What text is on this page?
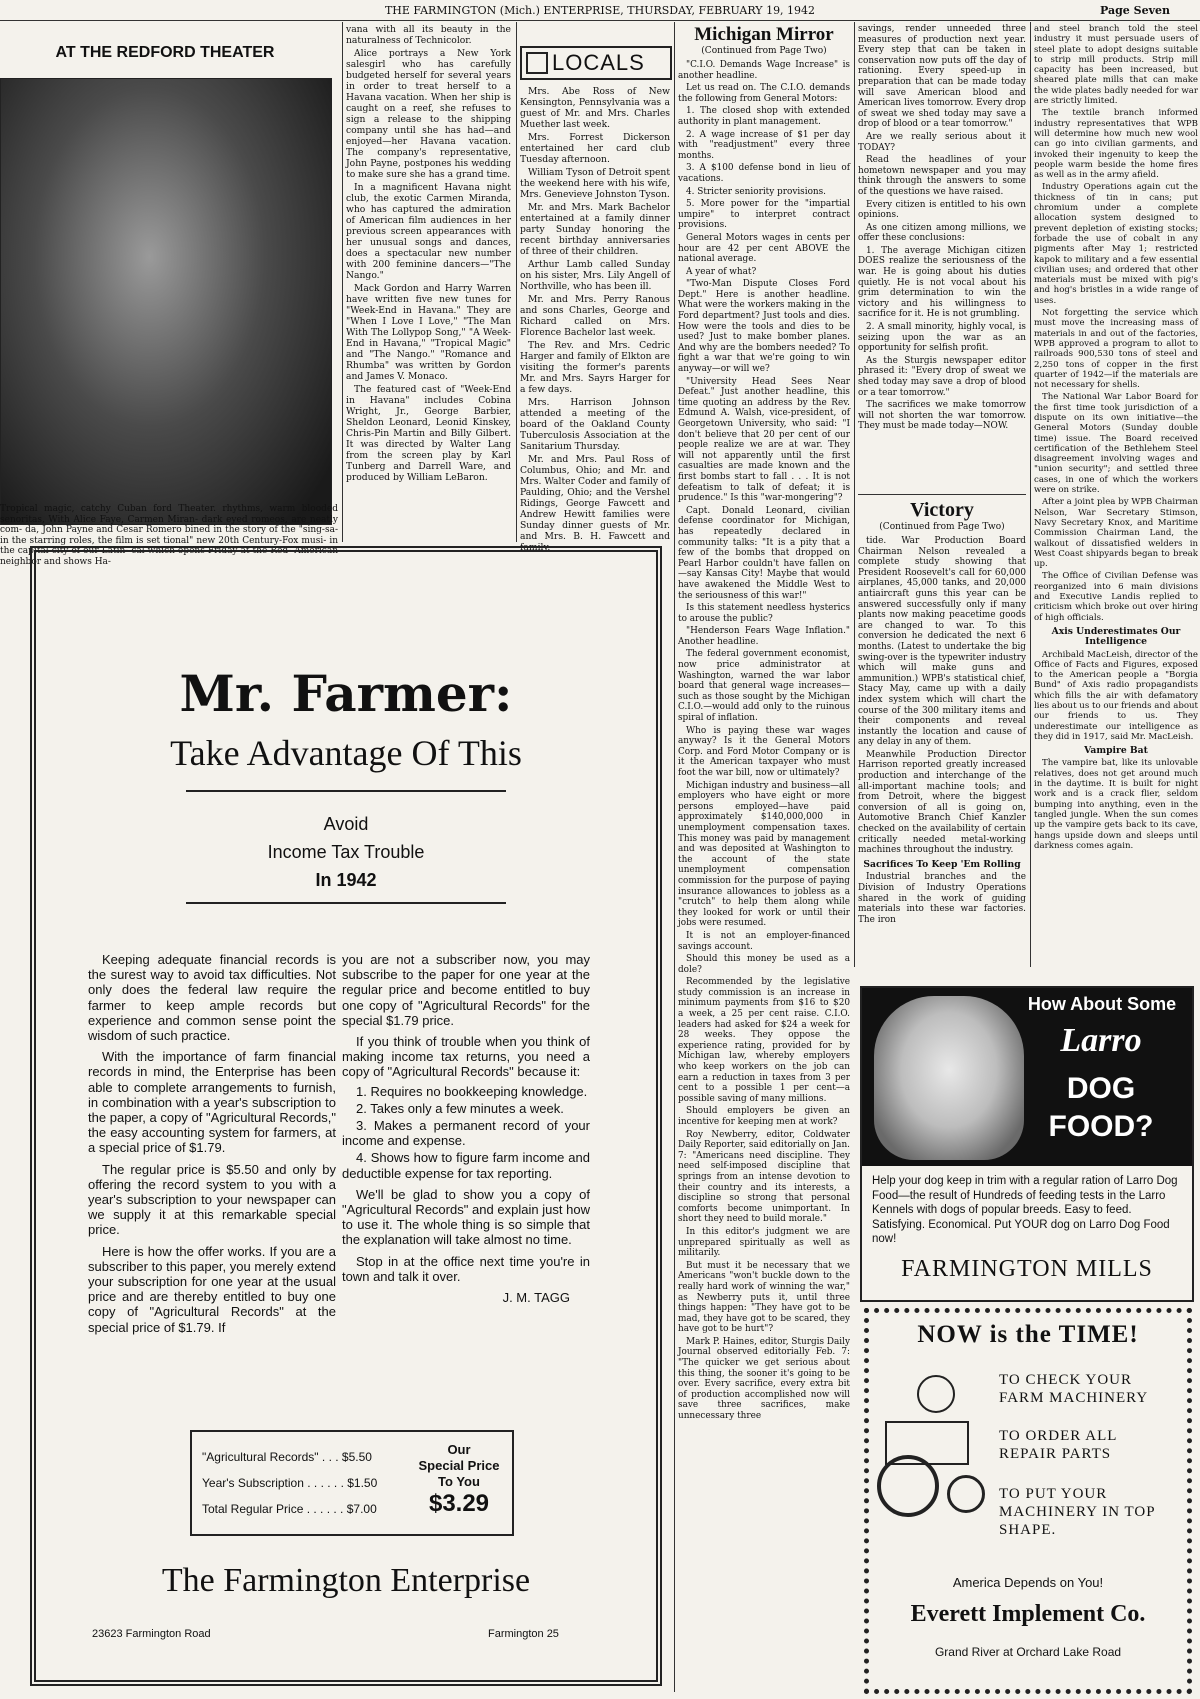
THE FARMINGTON (Mich.) ENTERPRISE, THURSDAY, FEBRUARY 19, 1942	Page Seven
AT THE REDFORD THEATER
Tropical magic, catchy Cuban ford Theater. rhythms, warm blooded senoritas, With Alice Faye, Carmen Miran- dark eyed romeos, are neatly com- da, John Payne and Cesar Romero bined in the story of the "sing-sa- in the starring roles, the film is set tional" new 20th Century-Fox musi- in the capital city of our Latin- cal which opens Friday at the Red- American neighbor and shows Ha-

vana with all its beauty in the naturalness of Technicolor.

Alice portrays a New York salesgirl who has carefully budgeted herself for several years in order to treat herself to a Havana vacation. When her ship is caught on a reef, she refuses to sign a release to the shipping company until she has had—and enjoyed—her Havana vacation. The company's representative, John Payne, postpones his wedding to make sure she has a grand time.

In a magnificent Havana night club, the exotic Carmen Miranda, who has captured the admiration of American film audiences in her previous screen appearances with her unusual songs and dances, does a spectacular new number with 200 feminine dancers—"The Nango."

Mack Gordon and Harry Warren have written five new tunes for "Week-End in Havana." They are "When I Love I Love," "The Man With The Lollypop Song," "A Week-End in Havana," "Tropical Magic" and "The Nango." "Romance and Rhumba" was written by Gordon and James V. Monaco.

The featured cast of "Week-End in Havana" includes Cobina Wright, Jr., George Barbier, Sheldon Leonard, Leonid Kinskey, Chris-Pin Martin and Billy Gilbert. It was directed by Walter Lang from the screen play by Karl Tunberg and Darrell Ware, and produced by William LeBaron.

LOCALS

Mrs. Abe Ross of New Kensington, Pennsylvania was a guest of Mr. and Mrs. Charles Muether last week.

Mrs. Forrest Dickerson entertained her card club Tuesday afternoon.

William Tyson of Detroit spent the weekend here with his wife, Mrs. Genevieve Johnston Tyson.

Mr. and Mrs. Mark Bachelor entertained at a family dinner party Sunday honoring the recent birthday anniversaries of three of their children.

Arthur Lamb called Sunday on his sister, Mrs. Lily Angell of Northville, who has been ill.

Mr. and Mrs. Perry Ranous and sons Charles, George and Richard called on Mrs. Florence Bachelor last week.

The Rev. and Mrs. Cedric Harger and family of Elkton are visiting the former's parents Mr. and Mrs. Sayrs Harger for a few days.

Mrs. Harrison Johnson attended a meeting of the board of the Oakland County Tuberculosis Association at the Sanitarium Thursday.

Mr. and Mrs. Paul Ross of Columbus, Ohio; and Mr. and Mrs. Walter Coder and family of Paulding, Ohio; and the Vershel Ridings, George Fawcett and Andrew Hewitt families were Sunday dinner guests of Mr. and Mrs. B. H. Fawcett and family.

Michigan Mirror
(Continued from Page Two)

"C.I.O. Demands Wage Increase" is another headline.

Let us read on. The C.I.O. demands the following from General Motors:

1. The closed shop with extended authority in plant management.

2. A wage increase of $1 per day with "readjustment" every three months.

3. A $100 defense bond in lieu of vacations.

4. Stricter seniority provisions.

5. More power for the "impartial umpire" to interpret contract provisions.

General Motors wages in cents per hour are 42 per cent ABOVE the national average.

A year of what?

"Two-Man Dispute Closes Ford Dept." Here is another headline. What were the workers making in the Ford department? Just tools and dies. How were the tools and dies to be used? Just to make bomber planes. And why are the bombers needed? To fight a war that we're going to win anyway—or will we?

"University Head Sees Near Defeat." Just another headline, this time quoting an address by the Rev. Edmund A. Walsh, vice-president, of Georgetown University, who said: "I don't believe that 20 per cent of our people realize we are at war. They will not apparently until the first casualties are made known and the first bombs start to fall . . . It is not defeatism to talk of defeat; it is prudence." Is this "war-mongering"?

Capt. Donald Leonard, civilian defense coordinator for Michigan, has repeatedly declared in community talks: "It is a pity that a few of the bombs that dropped on Pearl Harbor couldn't have fallen on—say Kansas City! Maybe that would have awakened the Middle West to the seriousness of this war!"

Is this statement needless hysterics to arouse the public?

"Henderson Fears Wage Inflation." Another headline.

The federal government economist, now price administrator at Washington, warned the war labor board that general wage increases—such as those sought by the Michigan C.I.O.—would add only to the ruinous spiral of inflation.

Who is paying these war wages anyway? Is it the General Motors Corp. and Ford Motor Company or is it the American taxpayer who must foot the war bill, now or ultimately?

Michigan industry and business—all employers who have eight or more persons employed—have paid approximately $140,000,000 in unemployment compensation taxes. This money was paid by management and was deposited at Washington to the account of the state unemployment compensation commission for the purpose of paying insurance allowances to jobless as a "crutch" to help them along while they looked for work or until their jobs were resumed.

It is not an employer-financed savings account.

Should this money be used as a dole?

Recommended by the legislative study commission is an increase in minimum payments from $16 to $20 a week, a 25 per cent raise. C.I.O. leaders had asked for $24 a week for 28 weeks. They oppose the experience rating, provided for by Michigan law, whereby employers who keep workers on the job can earn a reduction in taxes from 3 per cent to a possible 1 per cent—a possible saving of many millions.

Should employers be given an incentive for keeping men at work?

Roy Newberry, editor, Coldwater Daily Reporter, said editorially on Jan. 7: "Americans need discipline. They need self-imposed discipline that springs from an intense devotion to their country and its interests, a discipline so strong that personal comforts become unimportant. In short they need to build morale."

In this editor's judgment we are unprepared spiritually as well as militarily.

But must it be necessary that we Americans "won't buckle down to the really hard work of winning the war," as Newberry puts it, until three things happen: "They have got to be mad, they have got to be scared, they have got to be hurt"?

Mark P. Haines, editor, Sturgis Daily Journal observed editorially Feb. 7: "The quicker we get serious about this thing, the sooner it's going to be over. Every sacrifice, every extra bit of production accomplished now will save three sacrifices, make unnecessary three

savings, render unneeded three measures of production next year. Every step that can be taken in conservation now puts off the day of rationing. Every speed-up in preparation that can be made today will save American blood and American lives tomorrow. Every drop of sweat we shed today may save a drop of blood or a tear tomorrow."

Are we really serious about it TODAY?

Read the headlines of your hometown newspaper and you may think through the answers to some of the questions we have raised.

Every citizen is entitled to his own opinions.

As one citizen among millions, we offer these conclusions:

1. The average Michigan citizen DOES realize the seriousness of the war. He is going about his duties quietly. He is not vocal about his grim determination to win the victory and his willingness to sacrifice for it. He is not grumbling.

2. A small minority, highly vocal, is seizing upon the war as an opportunity for selfish profit.

As the Sturgis newspaper editor phrased it: "Every drop of sweat we shed today may save a drop of blood or a tear tomorrow."

The sacrifices we make tomorrow will not shorten the war tomorrow. They must be made today—NOW.

Victory
(Continued from Page Two)

tide. War Production Board Chairman Nelson revealed a complete study showing that President Roosevelt's call for 60,000 airplanes, 45,000 tanks, and 20,000 antiaircraft guns this year can be answered successfully only if many plants now making peacetime goods are changed to war. To this conversion he dedicated the next 6 months. (Latest to undertake the big swing-over is the typewriter industry which will make guns and ammunition.) WPB's statistical chief, Stacy May, came up with a daily index system which will chart the course of the 300 military items and their components and reveal instantly the location and cause of any delay in any of them.

Meanwhile Production Director Harrison reported greatly increased production and interchange of the all-important machine tools; and from Detroit, where the biggest conversion of all is going on, Automotive Branch Chief Kanzler checked on the availability of certain critically needed metal-working machines throughout the industry.

Sacrifices To Keep 'Em Rolling

Industrial branches and the Division of Industry Operations shared in the work of guiding materials into these war factories. The iron

and steel branch told the steel industry it must persuade users of steel plate to adopt designs suitable to strip mill products. Strip mill capacity has been increased, but sheared plate mills that can make the wide plates badly needed for war are strictly limited.

The textile branch informed industry representatives that WPB will determine how much new wool can go into civilian garments, and invoked their ingenuity to keep the people warm beside the home fires as well as in the army afield.

Industry Operations again cut the thickness of tin in cans; put chromium under a complete allocation system designed to prevent depletion of existing stocks; forbade the use of cobalt in any pigments after May 1; restricted kapok to military and a few essential civilian uses; and ordered that other materials must be mixed with pig's and hog's bristles in a wide range of uses.

Not forgetting the service which must move the increasing mass of materials in and out of the factories, WPB approved a program to allot to railroads 900,530 tons of steel and 2,250 tons of copper in the first quarter of 1942—if the materials are not necessary for shells.

The National War Labor Board for the first time took jurisdiction of a dispute on its own initiative—the General Motors (Sunday double time) issue. The Board received certification of the Bethlehem Steel disagreement involving wages and "union security"; and settled three cases, in one of which the workers were on strike.

After a joint plea by WPB Chairman Nelson, War Secretary Stimson, Navy Secretary Knox, and Maritime Commission Chairman Land, the walkout of dissatisfied welders in West Coast shipyards began to break up.

The Office of Civilian Defense was reorganized into 6 main divisions and Executive Landis replied to criticism which broke out over hiring of high officials.

Axis Underestimates Our Intelligence

Archibald MacLeish, director of the Office of Facts and Figures, exposed to the American people a "Borgia Bund" of Axis radio propagandists which fills the air with defamatory lies about us to our friends and about our friends to us. They underestimate our intelligence as they did in 1917, said Mr. MacLeish.

Vampire Bat

The vampire bat, like its unlovable relatives, does not get around much in the daytime. It is built for night work and is a crack flier, seldom bumping into anything, even in the tangled jungle. When the sun comes up the vampire gets back to its cave, hangs upside down and sleeps until darkness comes again.

Mr. Farmer:
Take Advantage Of This
Avoid
Income Tax Trouble
In 1942

Keeping adequate financial records is the surest way to avoid tax difficulties. Not only does the federal law require the farmer to keep ample records but experience and common sense point the wisdom of such practice.

With the importance of farm financial records in mind, the Enterprise has been able to complete arrangements to furnish, in combination with a year's subscription to the paper, a copy of "Agricultural Records," the easy accounting system for farmers, at a special price of $1.79.

The regular price is $5.50 and only by offering the record system to you with a year's subscription to your newspaper can we supply it at this remarkable special price.

Here is how the offer works. If you are a subscriber to this paper, you merely extend your subscription for one year at the usual price and are thereby entitled to buy one copy of "Agricultural Records" at the special price of $1.79. If

you are not a subscriber now, you may subscribe to the paper for one year at the regular price and become entitled to buy one copy of "Agricultural Records" for the special $1.79 price.

If you think of trouble when you think of making income tax returns, you need a copy of "Agricultural Records" because it:

1. Requires no bookkeeping knowledge.

2. Takes only a few minutes a week.

3. Makes a permanent record of your income and expense.

4. Shows how to figure farm income and deductible expense for tax reporting.

We'll be glad to show you a copy of "Agricultural Records" and explain just how to use it. The whole thing is so simple that the explanation will take almost no time.

Stop in at the office next time you're in town and talk it over.

J. M. TAGG
"Agricultural Records" . . . $5.50
Year's Subscription . . . . . . $1.50
Total Regular Price . . . . . . $7.00
Our
Special Price
To You
$3.29
The Farmington Enterprise
23623 Farmington Road	Farmington 25
How About Some
Larro
DOG
FOOD?
Help your dog keep in trim with a regular ration of Larro Dog Food—the result of Hundreds of feeding tests in the Larro Kennels with dogs of popular breeds. Easy to feed. Satisfying. Economical. Put YOUR dog on Larro Dog Food now!
FARMINGTON MILLS
NOW is the TIME!
TO CHECK YOUR FARM MACHINERY
TO ORDER ALL REPAIR PARTS
TO PUT YOUR MACHINERY IN TOP SHAPE.
America Depends on You!
Everett Implement Co.
Grand River at Orchard Lake Road
